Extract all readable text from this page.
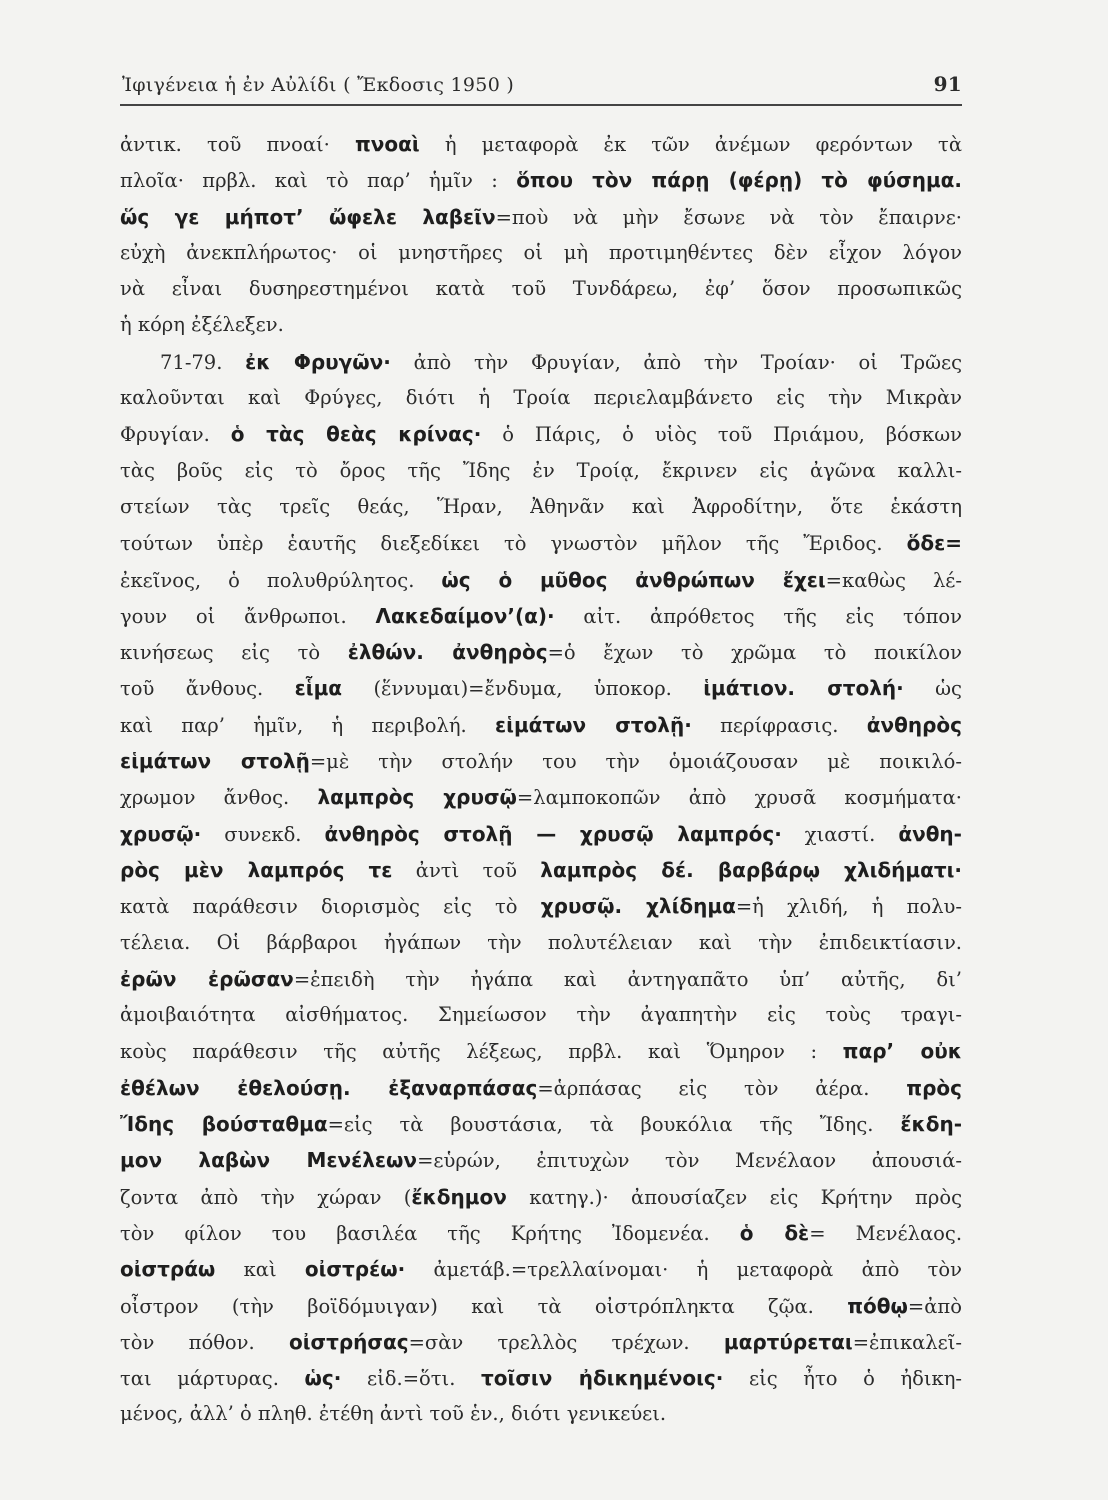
Ἰφιγένεια ἡ ἐν Αὐλίδι ( Ἔκδοσις 1950 )	91
ἀντικ. τοῦ πνοαί· πνοαὶ ἡ μεταφορὰ ἐκ τῶν ἀνέμων φερόντων τὰ
πλοῖα· πρβλ. καὶ τὸ παρ’ ἡμῖν : ὅπου τὸν πάρῃ (φέρῃ) τὸ φύσημα.
ὥς γε μήποτ’ ὤφελε λαβεῖν=ποὺ νὰ μὴν ἔσωνε νὰ τὸν ἔπαιρνε·
εὐχὴ ἀνεκπλήρωτος· οἱ μνηστῆρες οἱ μὴ προτιμηθέντες δὲν εἶχον λόγον
νὰ εἶναι δυσηρεστημένοι κατὰ τοῦ Τυνδάρεω, ἐφ’ ὅσον προσωπικῶς
ἡ κόρη ἐξέλεξεν.
71-79. ἐκ Φρυγῶν· ἀπὸ τὴν Φρυγίαν, ἀπὸ τὴν Τροίαν· οἱ Τρῶες
καλοῦνται καὶ Φρύγες, διότι ἡ Τροία περιελαμβάνετο εἰς τὴν Μικρὰν
Φρυγίαν. ὁ τὰς θεὰς κρίνας· ὁ Πάρις, ὁ υἱὸς τοῦ Πριάμου, βόσκων
τὰς βοῦς εἰς τὸ ὄρος τῆς Ἴδης ἐν Τροίᾳ, ἔκρινεν εἰς ἀγῶνα καλλι-
στείων τὰς τρεῖς θεάς, Ἥραν, Ἀθηνᾶν καὶ Ἀφροδίτην, ὅτε ἑκάστη
τούτων ὑπὲρ ἑαυτῆς διεξεδίκει τὸ γνωστὸν μῆλον τῆς Ἔριδος. ὅδε=
ἐκεῖνος, ὁ πολυθρύλητος. ὡς ὁ μῦθος ἀνθρώπων ἔχει=καθὼς λέ-
γουν οἱ ἄνθρωποι. Λακεδαίμον’(α)· αἰτ. ἀπρόθετος τῆς εἰς τόπον
κινήσεως εἰς τὸ ἐλθών. ἀνθηρὸς=ὁ ἔχων τὸ χρῶμα τὸ ποικίλον
τοῦ ἄνθους. εἷμα (ἕννυμαι)=ἔνδυμα, ὑποκορ. ἱμάτιον. στολή· ὡς
καὶ παρ’ ἡμῖν, ἡ περιβολή. εἱμάτων στολῇ· περίφρασις. ἀνθηρὸς
εἱμάτων στολῇ=μὲ τὴν στολήν του τὴν ὁμοιάζουσαν μὲ ποικιλό-
χρωμον ἄνθος. λαμπρὸς χρυσῷ=λαμποκοπῶν ἀπὸ χρυσᾶ κοσμήματα·
χρυσῷ· συνεκδ. ἀνθηρὸς στολῇ — χρυσῷ λαμπρός· χιαστί. ἀνθη-
ρὸς μὲν λαμπρός τε ἀντὶ τοῦ λαμπρὸς δέ. βαρβάρῳ χλιδήματι·
κατὰ παράθεσιν διορισμὸς εἰς τὸ χρυσῷ. χλίδημα=ἡ χλιδή, ἡ πολυ-
τέλεια. Οἱ βάρβαροι ἠγάπων τὴν πολυτέλειαν καὶ τὴν ἐπιδεικτίασιν.
ἐρῶν ἐρῶσαν=ἐπειδὴ τὴν ἠγάπα καὶ ἀντηγαπᾶτο ὑπ’ αὐτῆς, δι’
ἀμοιβαιότητα αἰσθήματος. Σημείωσον τὴν ἀγαπητὴν εἰς τοὺς τραγι-
κοὺς παράθεσιν τῆς αὐτῆς λέξεως, πρβλ. καὶ Ὅμηρον : παρ’ οὐκ
ἐθέλων ἐθελούσῃ. ἐξαναρπάσας=ἁρπάσας εἰς τὸν ἀέρα. πρὸς
Ἴδης βούσταθμα=εἰς τὰ βουστάσια, τὰ βουκόλια τῆς Ἴδης. ἔκδη-
μον λαβὼν Μενέλεων=εὑρών, ἐπιτυχὼν τὸν Μενέλαον ἀπουσιά-
ζοντα ἀπὸ τὴν χώραν (ἔκδημον κατηγ.)· ἀπουσίαζεν εἰς Κρήτην πρὸς
τὸν φίλον του βασιλέα τῆς Κρήτης Ἰδομενέα. ὁ δὲ= Μενέλαος.
οἰστράω καὶ οἰστρέω· ἀμετάβ.=τρελλαίνομαι· ἡ μεταφορὰ ἀπὸ τὸν
οἶστρον (τὴν βοϊδόμυιγαν) καὶ τὰ οἰστρόπληκτα ζῷα. πόθῳ=ἀπὸ
τὸν πόθον. οἰστρήσας=σὰν τρελλὸς τρέχων. μαρτύρεται=ἐπικαλεῖ-
ται μάρτυρας. ὡς· εἰδ.=ὅτι. τοῖσιν ἠδικημένοις· εἰς ἦτο ὁ ἠδικη-
μένος, ἀλλ’ ὁ πληθ. ἐτέθη ἀντὶ τοῦ ἑν., διότι γενικεύει.
